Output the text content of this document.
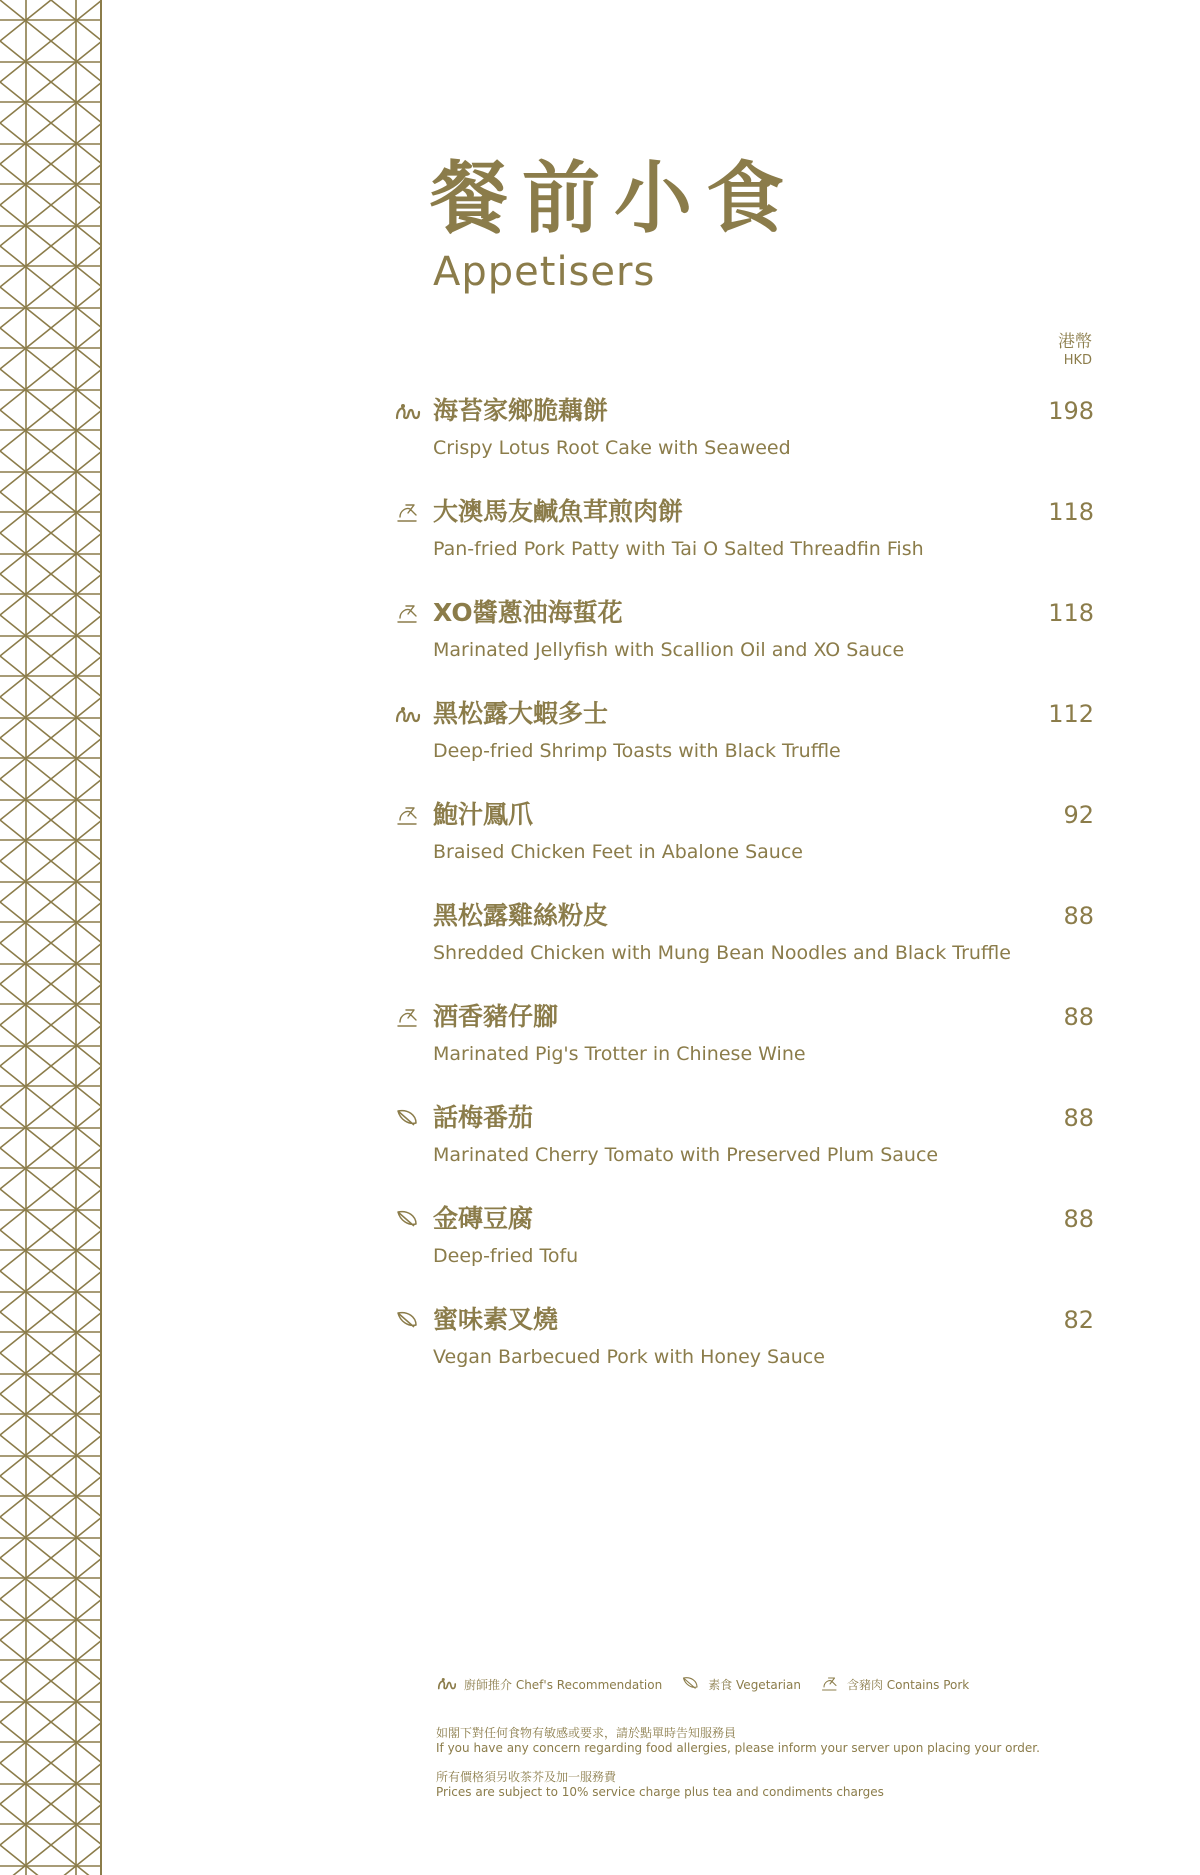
餐前小食
Appetisers
港幣
HKD
海苔家鄉脆藕餅
Crispy Lotus Root Cake with Seaweed
198
大澳馬友鹹魚茸煎肉餅
Pan-fried Pork Patty with Tai O Salted Threadfin Fish
118
XO醬蔥油海蜇花
Marinated Jellyfish with Scallion Oil and XO Sauce
118
黑松露大蝦多士
Deep-fried Shrimp Toasts with Black Truffle
112
鮑汁鳳爪
Braised Chicken Feet in Abalone Sauce
92
黑松露雞絲粉皮
Shredded Chicken with Mung Bean Noodles and Black Truffle
88
酒香豬仔腳
Marinated Pig's Trotter in Chinese Wine
88
話梅番茄
Marinated Cherry Tomato with Preserved Plum Sauce
88
金磚豆腐
Deep-fried Tofu
88
蜜味素叉燒
Vegan Barbecued Pork with Honey Sauce
82
廚師推介 Chef's Recommendation	素食 Vegetarian	含豬肉 Contains Pork
如閣下對任何食物有敏感或要求，請於點單時告知服務員
If you have any concern regarding food allergies, please inform your server upon placing your order.
所有價格須另收茶芥及加一服務費
Prices are subject to 10% service charge plus tea and condiments charges
